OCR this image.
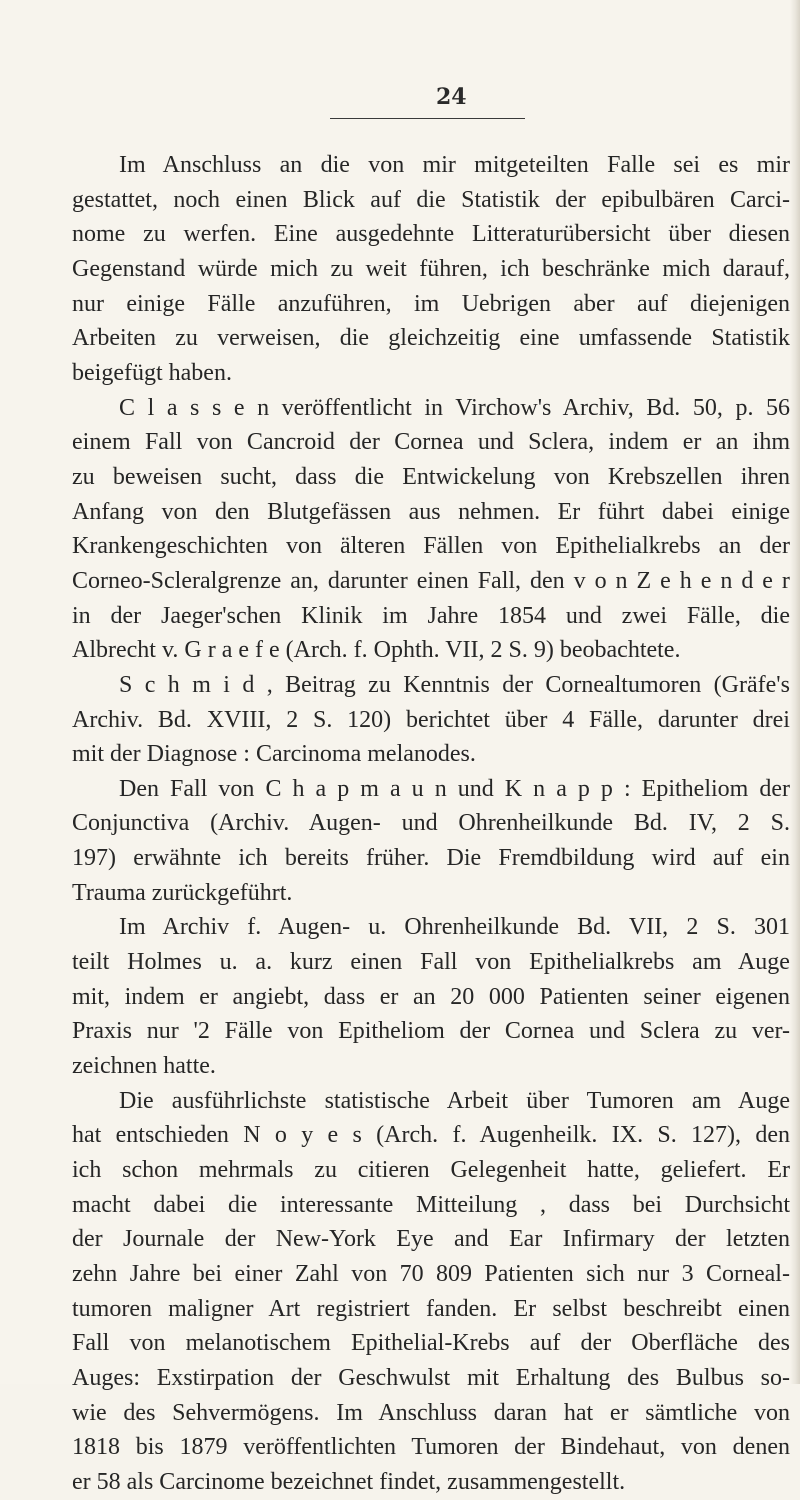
24
Im Anschluss an die von mir mitgeteilten Falle sei es mir
gestattet, noch einen Blick auf die Statistik der epibulbären Carci-
nome zu werfen. Eine ausgedehnte Litteraturübersicht über diesen
Gegenstand würde mich zu weit führen, ich beschränke mich darauf,
nur einige Fälle anzuführen, im Uebrigen aber auf diejenigen
Arbeiten zu verweisen, die gleichzeitig eine umfassende Statistik
beigefügt haben.
C l a s s e n veröffentlicht in Virchow's Archiv, Bd. 50, p. 56
einem Fall von Cancroid der Cornea und Sclera, indem er an ihm
zu beweisen sucht, dass die Entwickelung von Krebszellen ihren
Anfang von den Blutgefässen aus nehmen. Er führt dabei einige
Krankengeschichten von älteren Fällen von Epithelialkrebs an der
Corneo-Scleralgrenze an, darunter einen Fall, den v o n Z e h e n d e r
in der Jaeger'schen Klinik im Jahre 1854 und zwei Fälle, die
Albrecht v. G r a e f e (Arch. f. Ophth. VII, 2 S. 9) beobachtete.
S c h m i d , Beitrag zu Kenntnis der Cornealtumoren (Gräfe's
Archiv. Bd. XVIII, 2 S. 120) berichtet über 4 Fälle, darunter drei
mit der Diagnose : Carcinoma melanodes.
Den Fall von C h a p m a u n und K n a p p : Epitheliom der
Conjunctiva (Archiv. Augen- und Ohrenheilkunde Bd. IV, 2 S.
197) erwähnte ich bereits früher. Die Fremdbildung wird auf ein
Trauma zurückgeführt.
Im Archiv f. Augen- u. Ohrenheilkunde Bd. VII, 2 S. 301
teilt Holmes u. a. kurz einen Fall von Epithelialkrebs am Auge
mit, indem er angiebt, dass er an 20 000 Patienten seiner eigenen
Praxis nur '2 Fälle von Epitheliom der Cornea und Sclera zu ver-
zeichnen hatte.
Die ausführlichste statistische Arbeit über Tumoren am Auge
hat entschieden N o y e s (Arch. f. Augenheilk. IX. S. 127), den
ich schon mehrmals zu citieren Gelegenheit hatte, geliefert. Er
macht dabei die interessante Mitteilung , dass bei Durchsicht
der Journale der New-York Eye and Ear Infirmary der letzten
zehn Jahre bei einer Zahl von 70 809 Patienten sich nur 3 Corneal-
tumoren maligner Art registriert fanden. Er selbst beschreibt einen
Fall von melanotischem Epithelial-Krebs auf der Oberfläche des
Auges: Exstirpation der Geschwulst mit Erhaltung des Bulbus so-
wie des Sehvermögens. Im Anschluss daran hat er sämtliche von
1818 bis 1879 veröffentlichten Tumoren der Bindehaut, von denen
er 58 als Carcinome bezeichnet findet, zusammengestellt.
